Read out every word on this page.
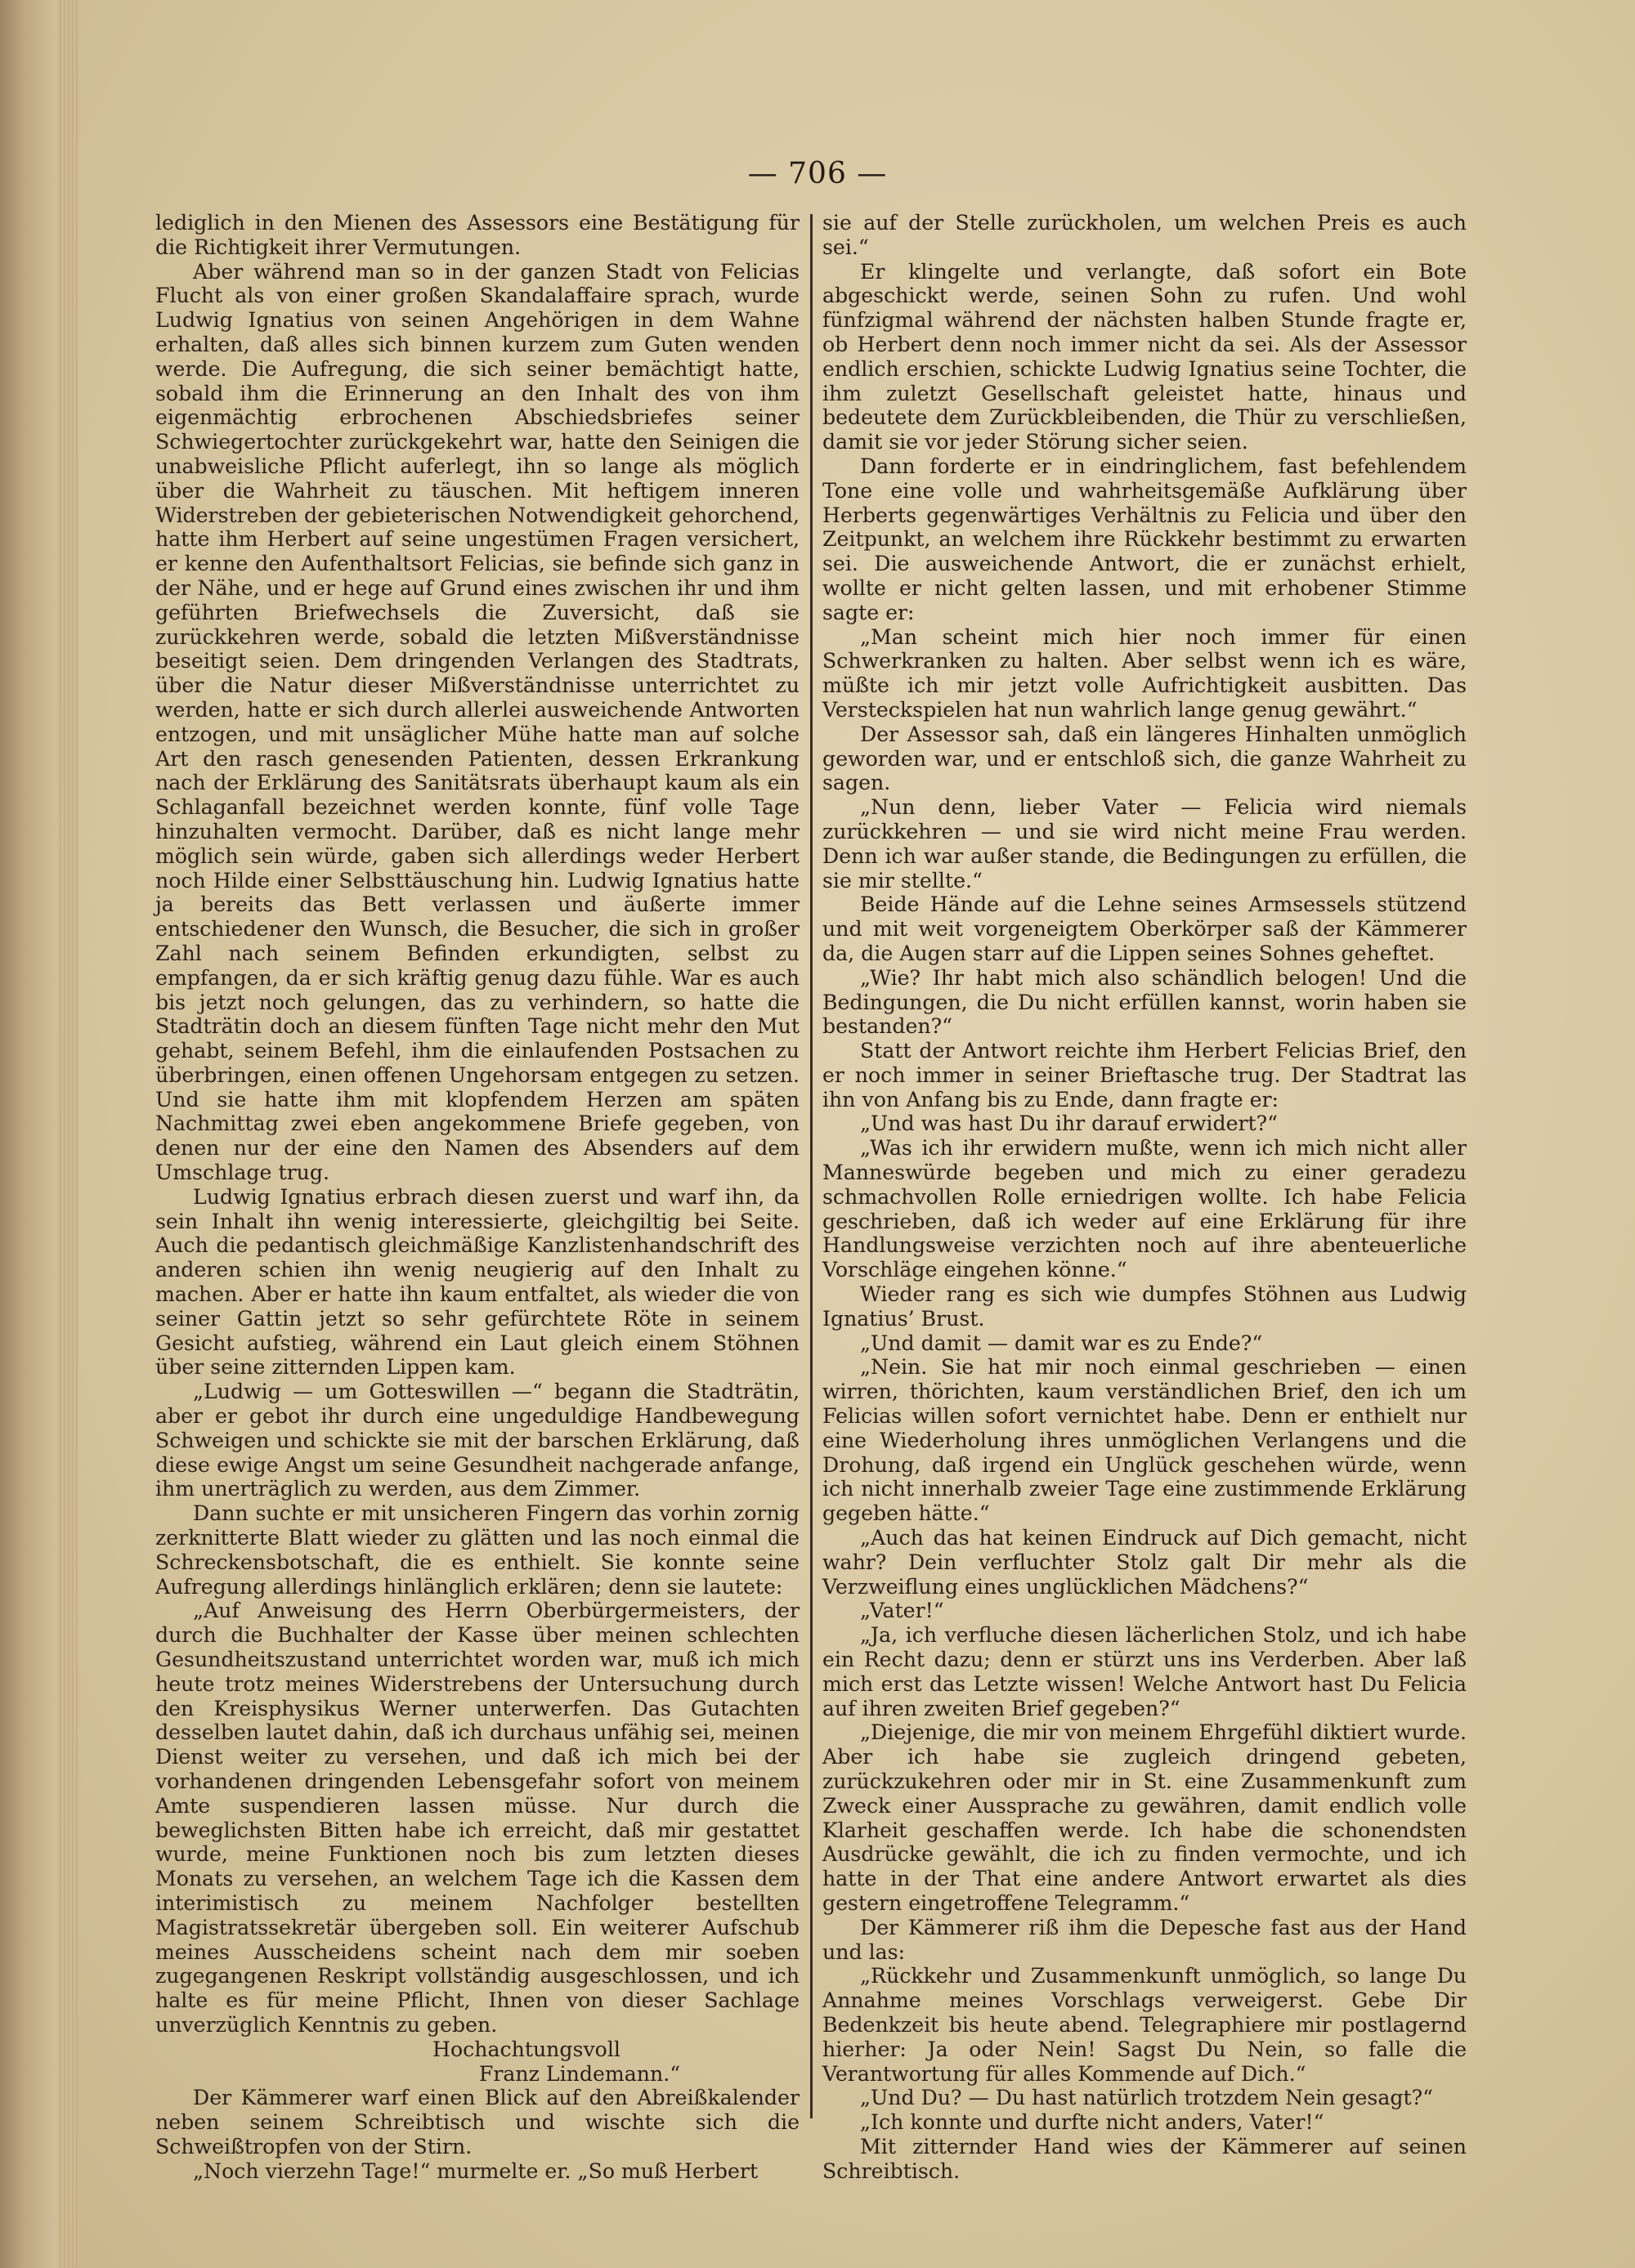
— 706 —

lediglich in den Mienen des Assessors eine Bestätigung für die Richtigkeit ihrer Vermutungen.

Aber während man so in der ganzen Stadt von Felicias Flucht als von einer großen Skandalaffaire sprach, wurde Ludwig Ignatius von seinen Angehörigen in dem Wahne erhalten, daß alles sich binnen kurzem zum Guten wenden werde. Die Aufregung, die sich seiner bemächtigt hatte, sobald ihm die Erinnerung an den Inhalt des von ihm eigenmächtig erbrochenen Abschiedsbriefes seiner Schwiegertochter zurückgekehrt war, hatte den Seinigen die unabweisliche Pflicht auferlegt, ihn so lange als möglich über die Wahrheit zu täuschen. Mit heftigem inneren Widerstreben der gebieterischen Notwendigkeit gehorchend, hatte ihm Herbert auf seine ungestümen Fragen versichert, er kenne den Aufenthaltsort Felicias, sie befinde sich ganz in der Nähe, und er hege auf Grund eines zwischen ihr und ihm geführten Briefwechsels die Zuversicht, daß sie zurückkehren werde, sobald die letzten Mißverständnisse beseitigt seien. Dem dringenden Verlangen des Stadtrats, über die Natur dieser Mißverständnisse unterrichtet zu werden, hatte er sich durch allerlei ausweichende Antworten entzogen, und mit unsäglicher Mühe hatte man auf solche Art den rasch genesenden Patienten, dessen Erkrankung nach der Erklärung des Sanitätsrats überhaupt kaum als ein Schlaganfall bezeichnet werden konnte, fünf volle Tage hinzuhalten vermocht. Darüber, daß es nicht lange mehr möglich sein würde, gaben sich allerdings weder Herbert noch Hilde einer Selbsttäuschung hin. Ludwig Ignatius hatte ja bereits das Bett verlassen und äußerte immer entschiedener den Wunsch, die Besucher, die sich in großer Zahl nach seinem Befinden erkundigten, selbst zu empfangen, da er sich kräftig genug dazu fühle. War es auch bis jetzt noch gelungen, das zu verhindern, so hatte die Stadträtin doch an diesem fünften Tage nicht mehr den Mut gehabt, seinem Befehl, ihm die einlaufenden Postsachen zu überbringen, einen offenen Ungehorsam entgegen zu setzen. Und sie hatte ihm mit klopfendem Herzen am späten Nachmittag zwei eben angekommene Briefe gegeben, von denen nur der eine den Namen des Absenders auf dem Umschlage trug.

Ludwig Ignatius erbrach diesen zuerst und warf ihn, da sein Inhalt ihn wenig interessierte, gleichgiltig bei Seite. Auch die pedantisch gleichmäßige Kanzlistenhandschrift des anderen schien ihn wenig neugierig auf den Inhalt zu machen. Aber er hatte ihn kaum entfaltet, als wieder die von seiner Gattin jetzt so sehr gefürchtete Röte in seinem Gesicht aufstieg, während ein Laut gleich einem Stöhnen über seine zitternden Lippen kam.

„Ludwig — um Gotteswillen —“ begann die Stadträtin, aber er gebot ihr durch eine ungeduldige Handbewegung Schweigen und schickte sie mit der barschen Erklärung, daß diese ewige Angst um seine Gesundheit nachgerade anfange, ihm unerträglich zu werden, aus dem Zimmer.

Dann suchte er mit unsicheren Fingern das vorhin zornig zerknitterte Blatt wieder zu glätten und las noch einmal die Schreckensbotschaft, die es enthielt. Sie konnte seine Aufregung allerdings hinlänglich erklären; denn sie lautete:

„Auf Anweisung des Herrn Oberbürgermeisters, der durch die Buchhalter der Kasse über meinen schlechten Gesundheitszustand unterrichtet worden war, muß ich mich heute trotz meines Widerstrebens der Untersuchung durch den Kreisphysikus Werner unterwerfen. Das Gutachten desselben lautet dahin, daß ich durchaus unfähig sei, meinen Dienst weiter zu versehen, und daß ich mich bei der vorhandenen dringenden Lebensgefahr sofort von meinem Amte suspendieren lassen müsse. Nur durch die beweglichsten Bitten habe ich erreicht, daß mir gestattet wurde, meine Funktionen noch bis zum letzten dieses Monats zu versehen, an welchem Tage ich die Kassen dem interimistisch zu meinem Nachfolger bestellten Magistratssekretär übergeben soll. Ein weiterer Aufschub meines Ausscheidens scheint nach dem mir soeben zugegangenen Reskript vollständig ausgeschlossen, und ich halte es für meine Pflicht, Ihnen von dieser Sachlage unverzüglich Kenntnis zu geben.

Hochachtungsvoll

Franz Lindemann.“

Der Kämmerer warf einen Blick auf den Abreißkalender neben seinem Schreibtisch und wischte sich die Schweißtropfen von der Stirn.

„Noch vierzehn Tage!“ murmelte er. „So muß Herbert

sie auf der Stelle zurückholen, um welchen Preis es auch sei.“

Er klingelte und verlangte, daß sofort ein Bote abgeschickt werde, seinen Sohn zu rufen. Und wohl fünfzigmal während der nächsten halben Stunde fragte er, ob Herbert denn noch immer nicht da sei. Als der Assessor endlich erschien, schickte Ludwig Ignatius seine Tochter, die ihm zuletzt Gesellschaft geleistet hatte, hinaus und bedeutete dem Zurückbleibenden, die Thür zu verschließen, damit sie vor jeder Störung sicher seien.

Dann forderte er in eindringlichem, fast befehlendem Tone eine volle und wahrheitsgemäße Aufklärung über Herberts gegenwärtiges Verhältnis zu Felicia und über den Zeitpunkt, an welchem ihre Rückkehr bestimmt zu erwarten sei. Die ausweichende Antwort, die er zunächst erhielt, wollte er nicht gelten lassen, und mit erhobener Stimme sagte er:

„Man scheint mich hier noch immer für einen Schwerkranken zu halten. Aber selbst wenn ich es wäre, müßte ich mir jetzt volle Aufrichtigkeit ausbitten. Das Versteckspielen hat nun wahrlich lange genug gewährt.“

Der Assessor sah, daß ein längeres Hinhalten unmöglich geworden war, und er entschloß sich, die ganze Wahrheit zu sagen.

„Nun denn, lieber Vater — Felicia wird niemals zurückkehren — und sie wird nicht meine Frau werden. Denn ich war außer stande, die Bedingungen zu erfüllen, die sie mir stellte.“

Beide Hände auf die Lehne seines Armsessels stützend und mit weit vorgeneigtem Oberkörper saß der Kämmerer da, die Augen starr auf die Lippen seines Sohnes geheftet.

„Wie? Ihr habt mich also schändlich belogen! Und die Bedingungen, die Du nicht erfüllen kannst, worin haben sie bestanden?“

Statt der Antwort reichte ihm Herbert Felicias Brief, den er noch immer in seiner Brieftasche trug. Der Stadtrat las ihn von Anfang bis zu Ende, dann fragte er:

„Und was hast Du ihr darauf erwidert?“

„Was ich ihr erwidern mußte, wenn ich mich nicht aller Manneswürde begeben und mich zu einer geradezu schmachvollen Rolle erniedrigen wollte. Ich habe Felicia geschrieben, daß ich weder auf eine Erklärung für ihre Handlungsweise verzichten noch auf ihre abenteuerliche Vorschläge eingehen könne.“

Wieder rang es sich wie dumpfes Stöhnen aus Ludwig Ignatius’ Brust.

„Und damit — damit war es zu Ende?“

„Nein. Sie hat mir noch einmal geschrieben — einen wirren, thörichten, kaum verständlichen Brief, den ich um Felicias willen sofort vernichtet habe. Denn er enthielt nur eine Wiederholung ihres unmöglichen Verlangens und die Drohung, daß irgend ein Unglück geschehen würde, wenn ich nicht innerhalb zweier Tage eine zustimmende Erklärung gegeben hätte.“

„Auch das hat keinen Eindruck auf Dich gemacht, nicht wahr? Dein verfluchter Stolz galt Dir mehr als die Verzweiflung eines unglücklichen Mädchens?“

„Vater!“

„Ja, ich verfluche diesen lächerlichen Stolz, und ich habe ein Recht dazu; denn er stürzt uns ins Verderben. Aber laß mich erst das Letzte wissen! Welche Antwort hast Du Felicia auf ihren zweiten Brief gegeben?“

„Diejenige, die mir von meinem Ehrgefühl diktiert wurde. Aber ich habe sie zugleich dringend gebeten, zurückzukehren oder mir in St. eine Zusammenkunft zum Zweck einer Aussprache zu gewähren, damit endlich volle Klarheit geschaffen werde. Ich habe die schonendsten Ausdrücke gewählt, die ich zu finden vermochte, und ich hatte in der That eine andere Antwort erwartet als dies gestern eingetroffene Telegramm.“

Der Kämmerer riß ihm die Depesche fast aus der Hand und las:

„Rückkehr und Zusammenkunft unmöglich, so lange Du Annahme meines Vorschlags verweigerst. Gebe Dir Bedenkzeit bis heute abend. Telegraphiere mir postlagernd hierher: Ja oder Nein! Sagst Du Nein, so falle die Verantwortung für alles Kommende auf Dich.“

„Und Du? — Du hast natürlich trotzdem Nein gesagt?“

„Ich konnte und durfte nicht anders, Vater!“

Mit zitternder Hand wies der Kämmerer auf seinen Schreibtisch.
